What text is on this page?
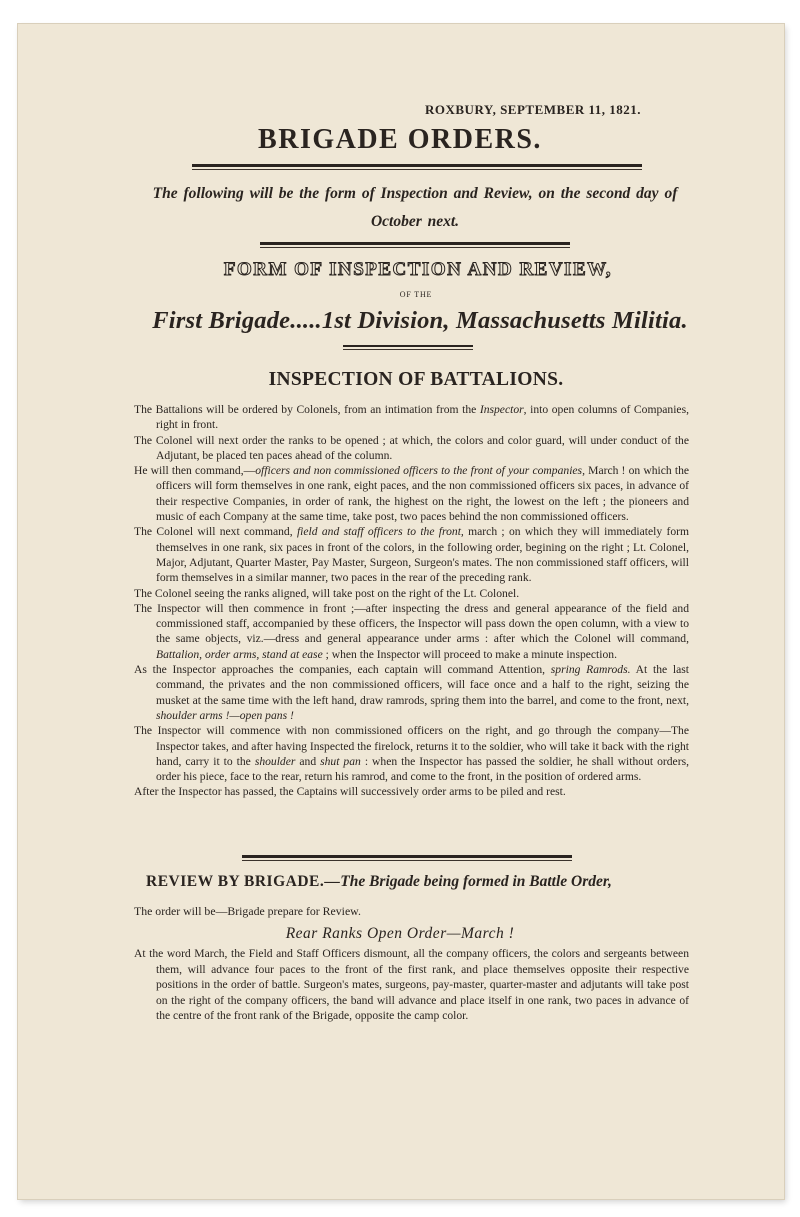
ROXBURY, SEPTEMBER 11, 1821.
BRIGADE ORDERS.
The following will be the form of Inspection and Review, on the second day of October next.
FORM OF INSPECTION AND REVIEW,
OF THE
First Brigade.....1st Division, Massachusetts Militia.
INSPECTION OF BATTALIONS.

The Battalions will be ordered by Colonels, from an intimation from the Inspector, into open columns of Companies, right in front.

The Colonel will next order the ranks to be opened ; at which, the colors and color guard, will under conduct of the Adjutant, be placed ten paces ahead of the column.

He will then command,—officers and non commissioned officers to the front of your companies, March ! on which the officers will form themselves in one rank, eight paces, and the non commissioned officers six paces, in advance of their respective Companies, in order of rank, the highest on the right, the lowest on the left ; the pioneers and music of each Company at the same time, take post, two paces behind the non commissioned officers.

The Colonel will next command, field and staff officers to the front, march ; on which they will immediately form themselves in one rank, six paces in front of the colors, in the following order, begining on the right ; Lt. Colonel, Major, Adjutant, Quarter Master, Pay Master, Surgeon, Surgeon's mates. The non commissioned staff officers, will form themselves in a similar manner, two paces in the rear of the preceding rank.

The Colonel seeing the ranks aligned, will take post on the right of the Lt. Colonel.

The Inspector will then commence in front ;—after inspecting the dress and general appearance of the field and commissioned staff, accompanied by these officers, the Inspector will pass down the open column, with a view to the same objects, viz.—dress and general appearance under arms : after which the Colonel will command, Battalion, order arms, stand at ease ; when the Inspector will proceed to make a minute inspection.

As the Inspector approaches the companies, each captain will command Attention, spring Ramrods. At the last command, the privates and the non commissioned officers, will face once and a half to the right, seizing the musket at the same time with the left hand, draw ramrods, spring them into the barrel, and come to the front, next, shoulder arms !—open pans !

The Inspector will commence with non commissioned officers on the right, and go through the company—The Inspector takes, and after having Inspected the firelock, returns it to the soldier, who will take it back with the right hand, carry it to the shoulder and shut pan : when the Inspector has passed the soldier, he shall without orders, order his piece, face to the rear, return his ramrod, and come to the front, in the position of ordered arms.

After the Inspector has passed, the Captains will successively order arms to be piled and rest.

REVIEW BY BRIGADE.—The Brigade being formed in Battle Order,
The order will be—Brigade prepare for Review.
Rear Ranks Open Order—March !

At the word March, the Field and Staff Officers dismount, all the company officers, the colors and sergeants between them, will advance four paces to the front of the first rank, and place themselves opposite their respective positions in the order of battle. Surgeon's mates, surgeons, pay-master, quarter-master and adjutants will take post on the right of the company officers, the band will advance and place itself in one rank, two paces in advance of the centre of the front rank of the Brigade, opposite the camp color.
